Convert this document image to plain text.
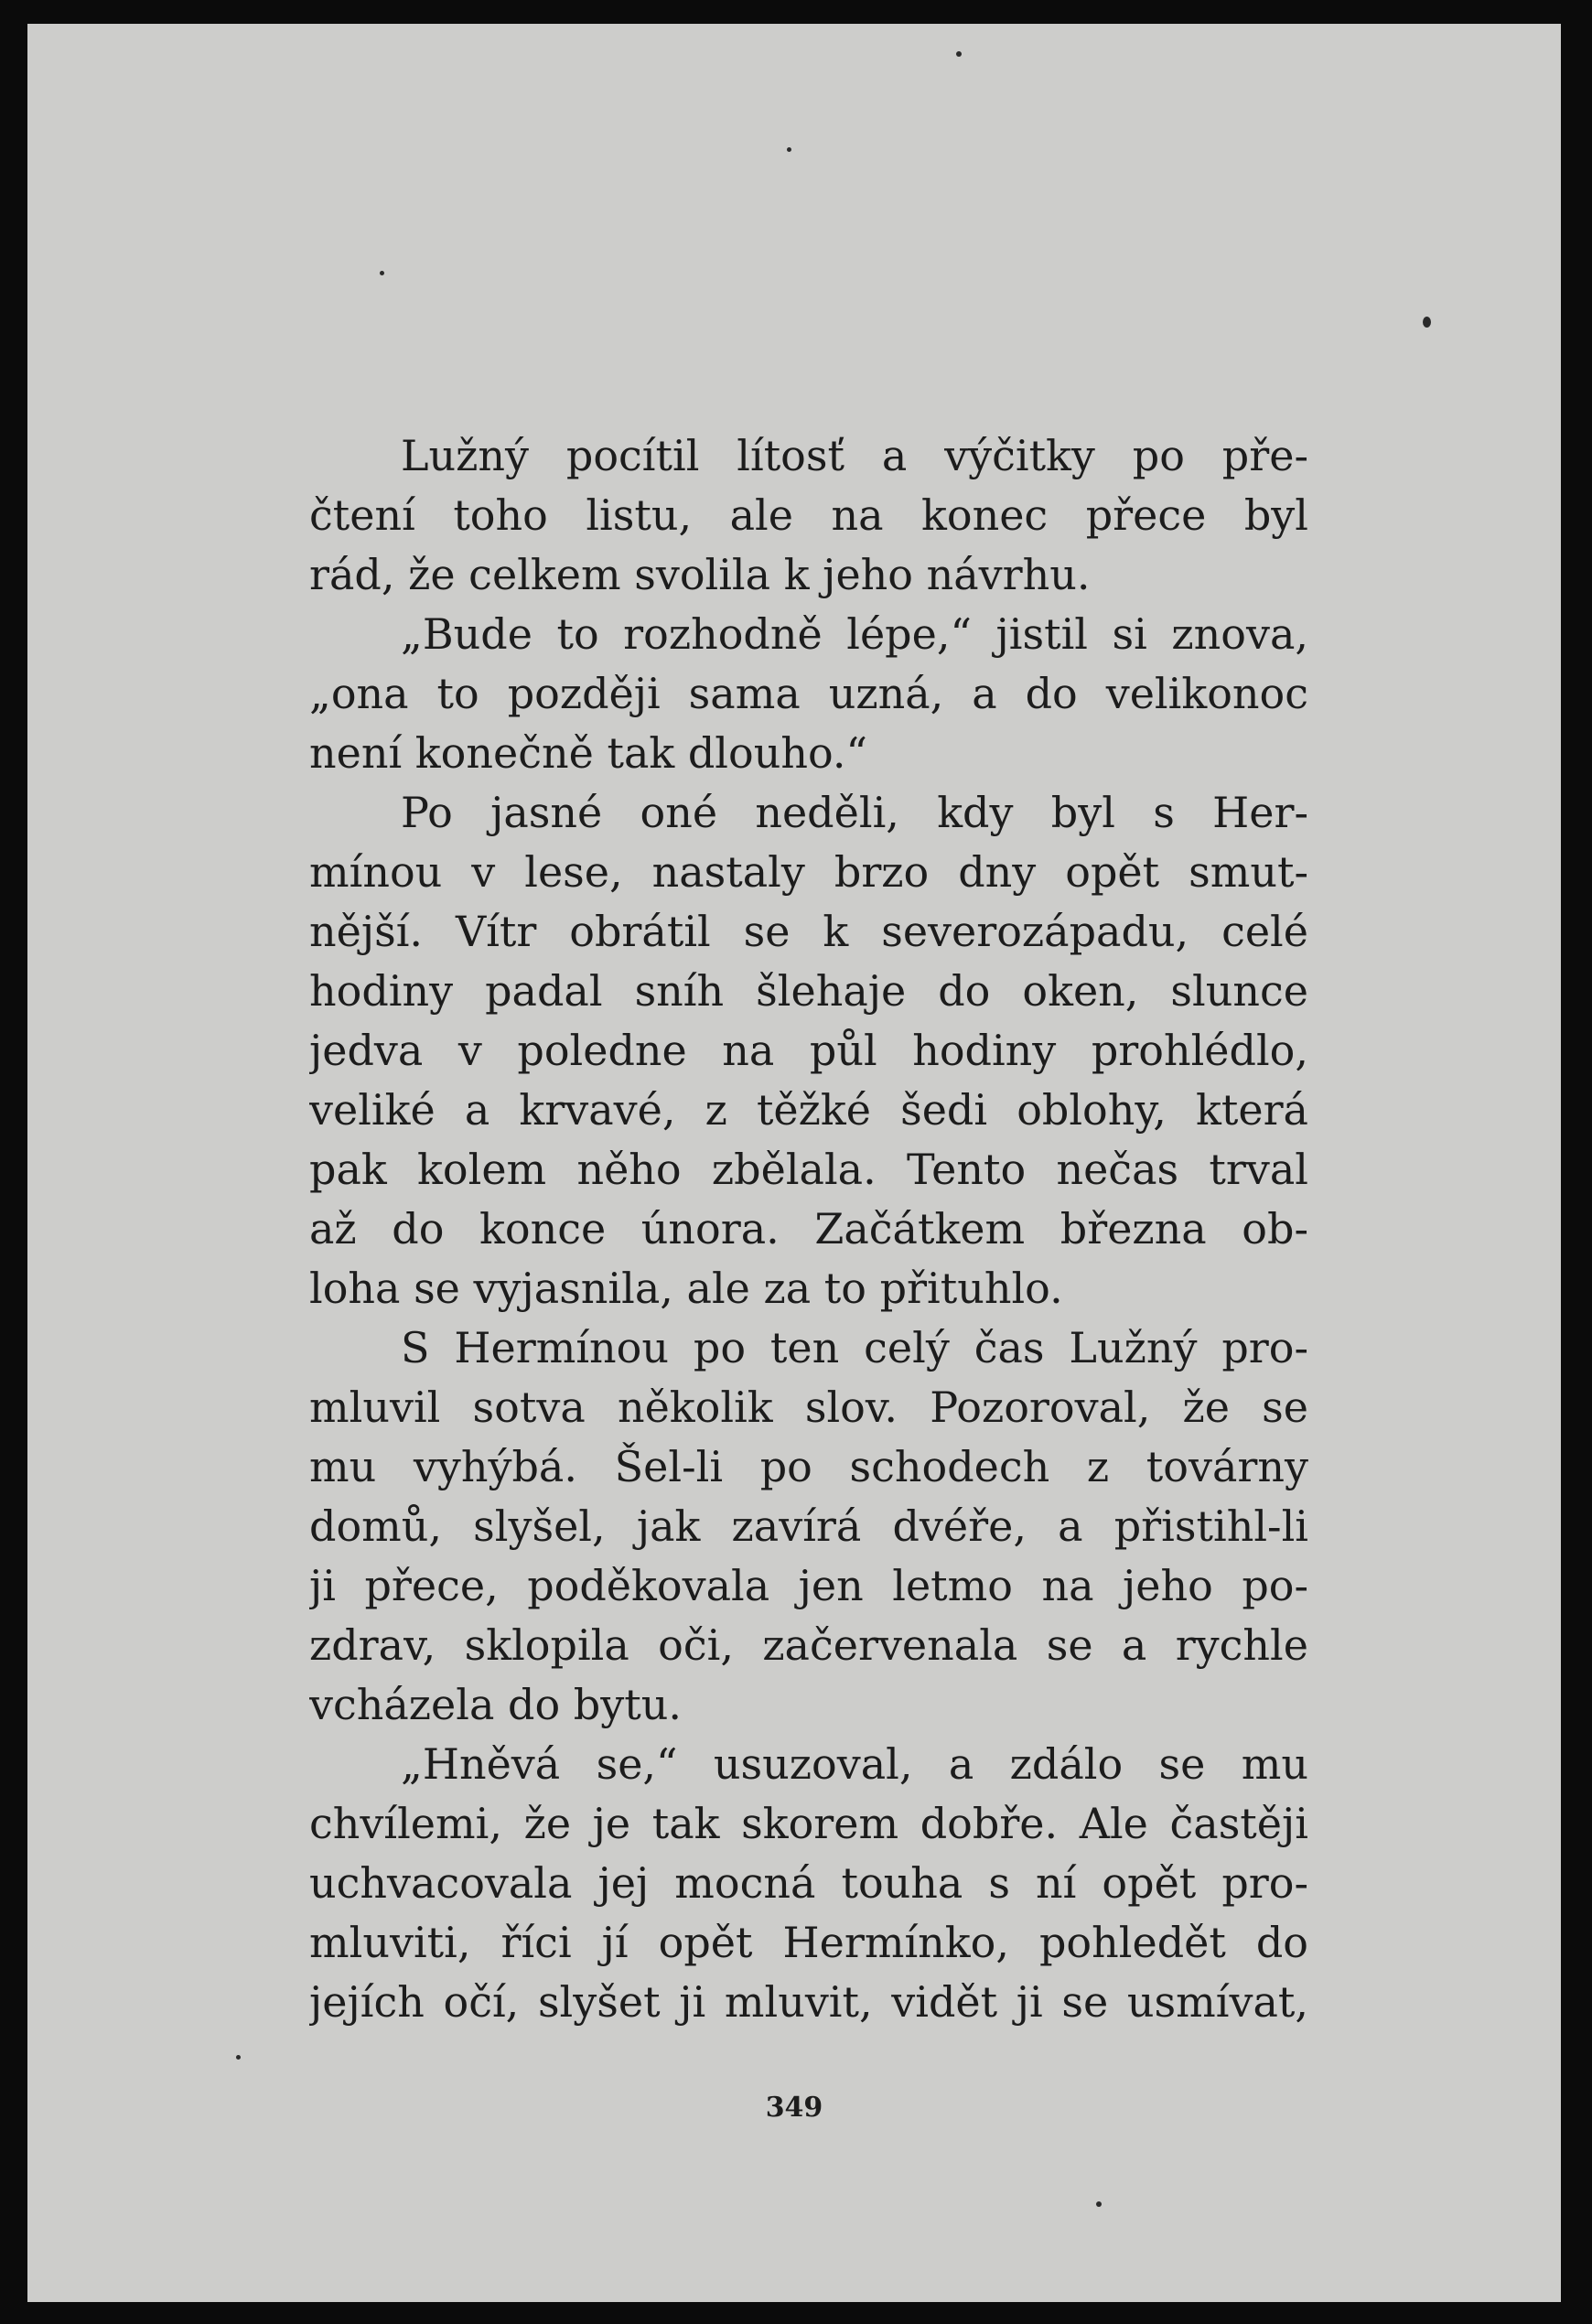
Lužný pocítil lítosť a výčitky po pře-
čtení toho listu, ale na konec přece byl
rád, že celkem svolila k jeho návrhu.
„Bude to rozhodně lépe,“ jistil si znova,
„ona to později sama uzná, a do velikonoc
není konečně tak dlouho.“
Po jasné oné neděli, kdy byl s Her-
mínou v lese, nastaly brzo dny opět smut-
nější. Vítr obrátil se k severozápadu, celé
hodiny padal sníh šlehaje do oken, slunce
jedva v poledne na půl hodiny prohlédlo,
veliké a krvavé, z těžké šedi oblohy, která
pak kolem něho zbělala. Tento nečas trval
až do konce února. Začátkem března ob-
loha se vyjasnila, ale za to přituhlo.
S Hermínou po ten celý čas Lužný pro-
mluvil sotva několik slov. Pozoroval, že se
mu vyhýbá. Šel-li po schodech z továrny
domů, slyšel, jak zavírá dvéře, a přistihl-li
ji přece, poděkovala jen letmo na jeho po-
zdrav, sklopila oči, začervenala se a rychle
vcházela do bytu.
„Hněvá se,“ usuzoval, a zdálo se mu
chvílemi, že je tak skorem dobře. Ale častěji
uchvacovala jej mocná touha s ní opět pro-
mluviti, říci jí opět Hermínko, pohledět do
jejích očí, slyšet ji mluvit, vidět ji se usmívat,
349
